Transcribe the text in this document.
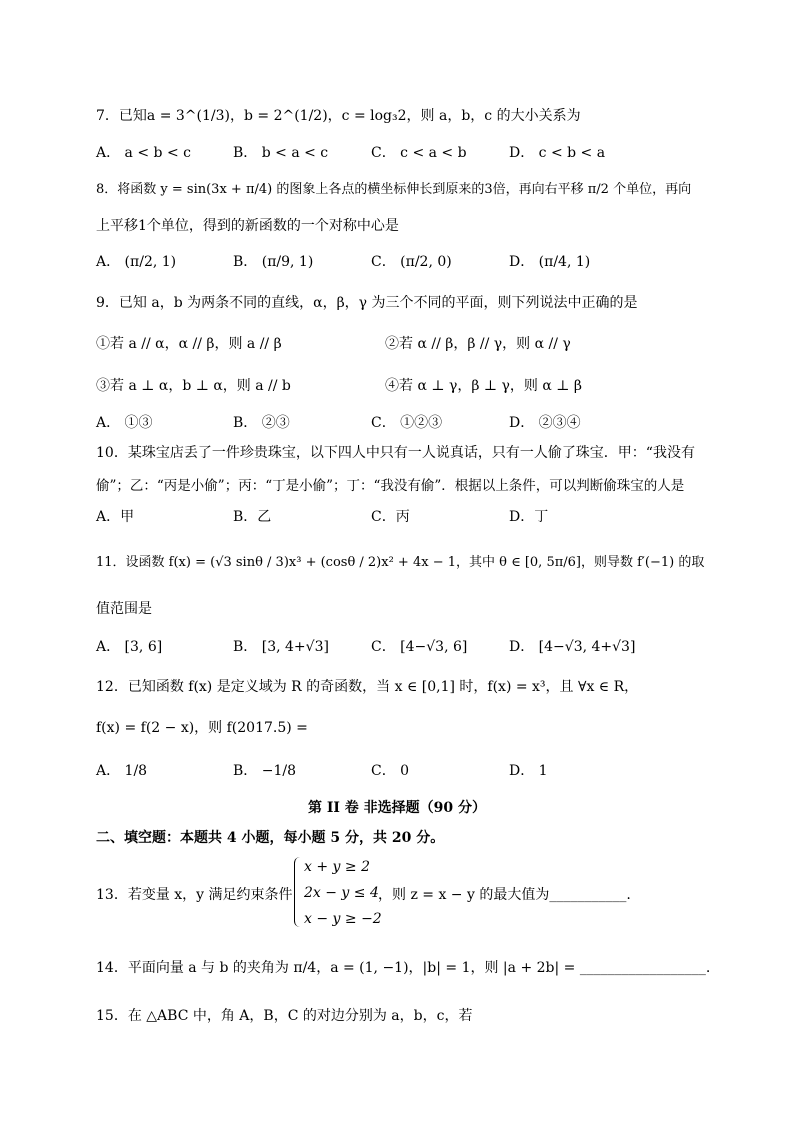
7．已知a = 3^(1/3)，b = 2^(1/2)，c = log₃2，则 a，b，c 的大小关系为
A． a < b < c	B． b < a < c	C． c < a < b	D． c < b < a
8．将函数 y = sin(3x + π/4) 的图象上各点的横坐标伸长到原来的3倍，再向右平移 π/2 个单位，再向
上平移1个单位，得到的新函数的一个对称中心是
A． (π/2, 1)	B． (π/9, 1)	C． (π/2, 0)	D． (π/4, 1)
9．已知 a，b 为两条不同的直线，α，β，γ 为三个不同的平面，则下列说法中正确的是
①若 a // α，α // β，则 a // β	②若 α // β，β // γ，则 α // γ
③若 a ⊥ α，b ⊥ α，则 a // b	④若 α ⊥ γ，β ⊥ γ，则 α ⊥ β
A． ①③	B． ②③	C． ①②③	D． ②③④
10．某珠宝店丢了一件珍贵珠宝，以下四人中只有一人说真话，只有一人偷了珠宝．甲：“我没有
偷”；乙：“丙是小偷”；丙：“丁是小偷”；丁：“我没有偷”．根据以上条件，可以判断偷珠宝的人是
A．甲	B．乙	C．丙	D．丁
11．设函数 f(x) = (√3 sinθ / 3)x³ + (cosθ / 2)x² + 4x − 1，其中 θ ∈ [0, 5π/6]，则导数 f′(−1) 的取
值范围是
A． [3, 6]	B． [3, 4+√3]	C． [4−√3, 6]	D． [4−√3, 4+√3]
12．已知函数 f(x) 是定义域为 R 的奇函数，当 x ∈ [0,1] 时，f(x) = x³，且 ∀x ∈ R，
f(x) = f(2 − x)，则 f(2017.5) =
A． 1/8	B． −1/8	C． 0	D． 1
第 II 卷 非选择题（90 分）
二、填空题：本题共 4 小题，每小题 5 分，共 20 分。
13．若变量 x，y 满足约束条件
x + y ≥ 2
2x − y ≤ 4
x − y ≥ −2
，则 z = x − y 的最大值为___________.
14．平面向量 a 与 b 的夹角为 π/4，a = (1, −1)，|b| = 1，则 |a + 2b| = __________________.
15．在 △ABC 中，角 A，B，C 的对边分别为 a，b，c，若
